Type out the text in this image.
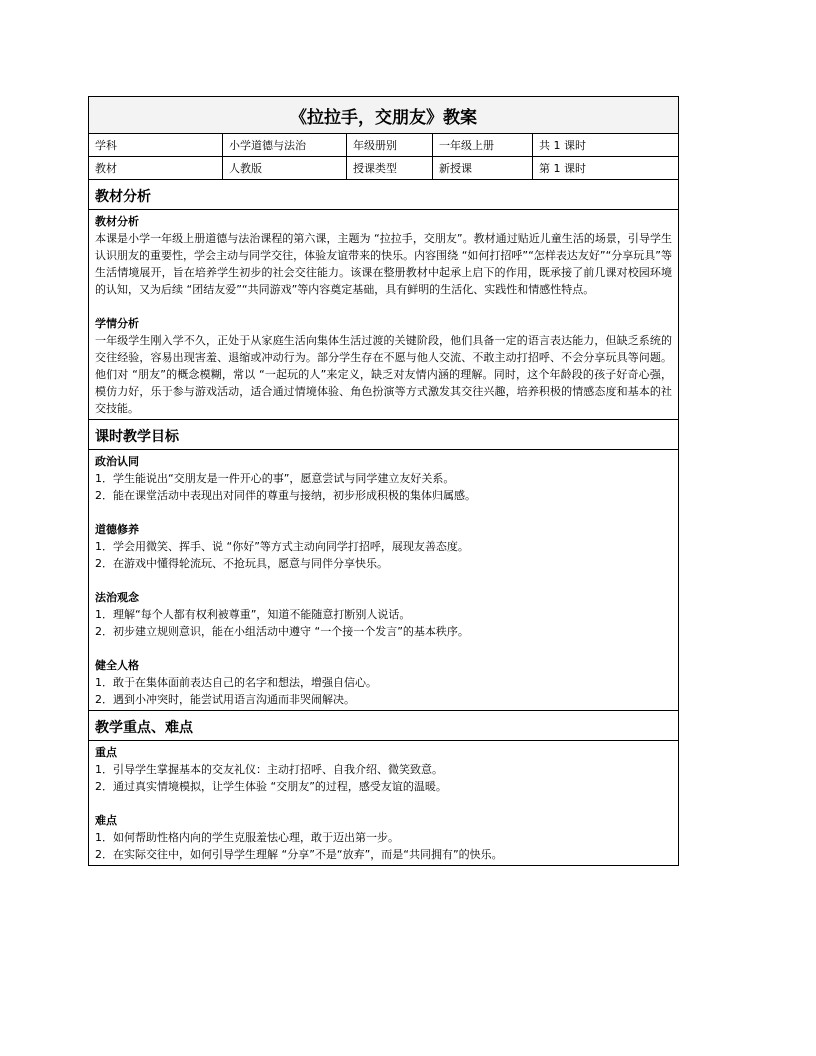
《拉拉手，交朋友》教案
学科	小学道德与法治	年级册别	一年级上册	共 1 课时
教材	人教版	授课类型	新授课	第 1 课时
教材分析
教材分析

本课是小学一年级上册道德与法治课程的第六课，主题为 “拉拉手，交朋友”。教材通过贴近儿童生活的场景，引导学生认识朋友的重要性，学会主动与同学交往，体验友谊带来的快乐。内容围绕 “如何打招呼”“怎样表达友好”“分享玩具”等生活情境展开，旨在培养学生初步的社会交往能力。该课在整册教材中起承上启下的作用，既承接了前几课对校园环境的认知，又为后续 “团结友爱”“共同游戏”等内容奠定基础，具有鲜明的生活化、实践性和情感性特点。

学情分析

一年级学生刚入学不久，正处于从家庭生活向集体生活过渡的关键阶段，他们具备一定的语言表达能力，但缺乏系统的交往经验，容易出现害羞、退缩或冲动行为。部分学生存在不愿与他人交流、不敢主动打招呼、不会分享玩具等问题。他们对 “朋友”的概念模糊，常以 “一起玩的人”来定义，缺乏对友情内涵的理解。同时，这个年龄段的孩子好奇心强，模仿力好，乐于参与游戏活动，适合通过情境体验、角色扮演等方式激发其交往兴趣，培养积极的情感态度和基本的社交技能。

课时教学目标
政治认同

1．学生能说出“交朋友是一件开心的事”，愿意尝试与同学建立友好关系。

2．能在课堂活动中表现出对同伴的尊重与接纳，初步形成积极的集体归属感。

道德修养

1．学会用微笑、挥手、说 “你好”等方式主动向同学打招呼，展现友善态度。

2．在游戏中懂得轮流玩、不抢玩具，愿意与同伴分享快乐。

法治观念

1．理解“每个人都有权利被尊重”，知道不能随意打断别人说话。

2．初步建立规则意识，能在小组活动中遵守 “一个接一个发言”的基本秩序。

健全人格

1．敢于在集体面前表达自己的名字和想法，增强自信心。

2．遇到小冲突时，能尝试用语言沟通而非哭闹解决。

教学重点、难点
重点

1．引导学生掌握基本的交友礼仪：主动打招呼、自我介绍、微笑致意。

2．通过真实情境模拟，让学生体验 “交朋友”的过程，感受友谊的温暖。

难点

1．如何帮助性格内向的学生克服羞怯心理，敢于迈出第一步。

2．在实际交往中，如何引导学生理解 “分享”不是“放弃”，而是“共同拥有”的快乐。
